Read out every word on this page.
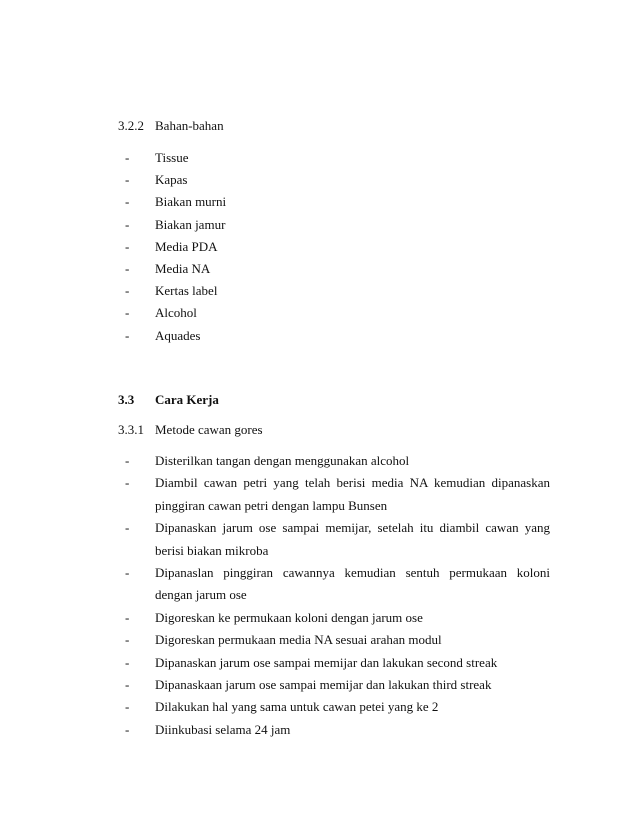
3.2.2 Bahan-bahan
- Tissue
- Kapas
- Biakan murni
- Biakan jamur
- Media PDA
- Media NA
- Kertas label
- Alcohol
- Aquades
3.3 Cara Kerja
3.3.1 Metode cawan gores
- Disterilkan tangan dengan menggunakan alcohol
- Diambil cawan petri yang telah berisi media NA kemudian dipanaskan pinggiran cawan petri dengan lampu Bunsen
- Dipanaskan jarum ose sampai memijar, setelah itu diambil cawan yang berisi biakan mikroba
- Dipanaslan pinggiran cawannya kemudian sentuh permukaan koloni dengan jarum ose
- Digoreskan ke permukaan koloni dengan jarum ose
- Digoreskan permukaan media NA sesuai arahan modul
- Dipanaskan jarum ose sampai memijar dan lakukan second streak
- Dipanaskaan jarum ose sampai memijar dan lakukan third streak
- Dilakukan hal yang sama untuk cawan petei yang ke 2
- Diinkubasi selama 24 jam
